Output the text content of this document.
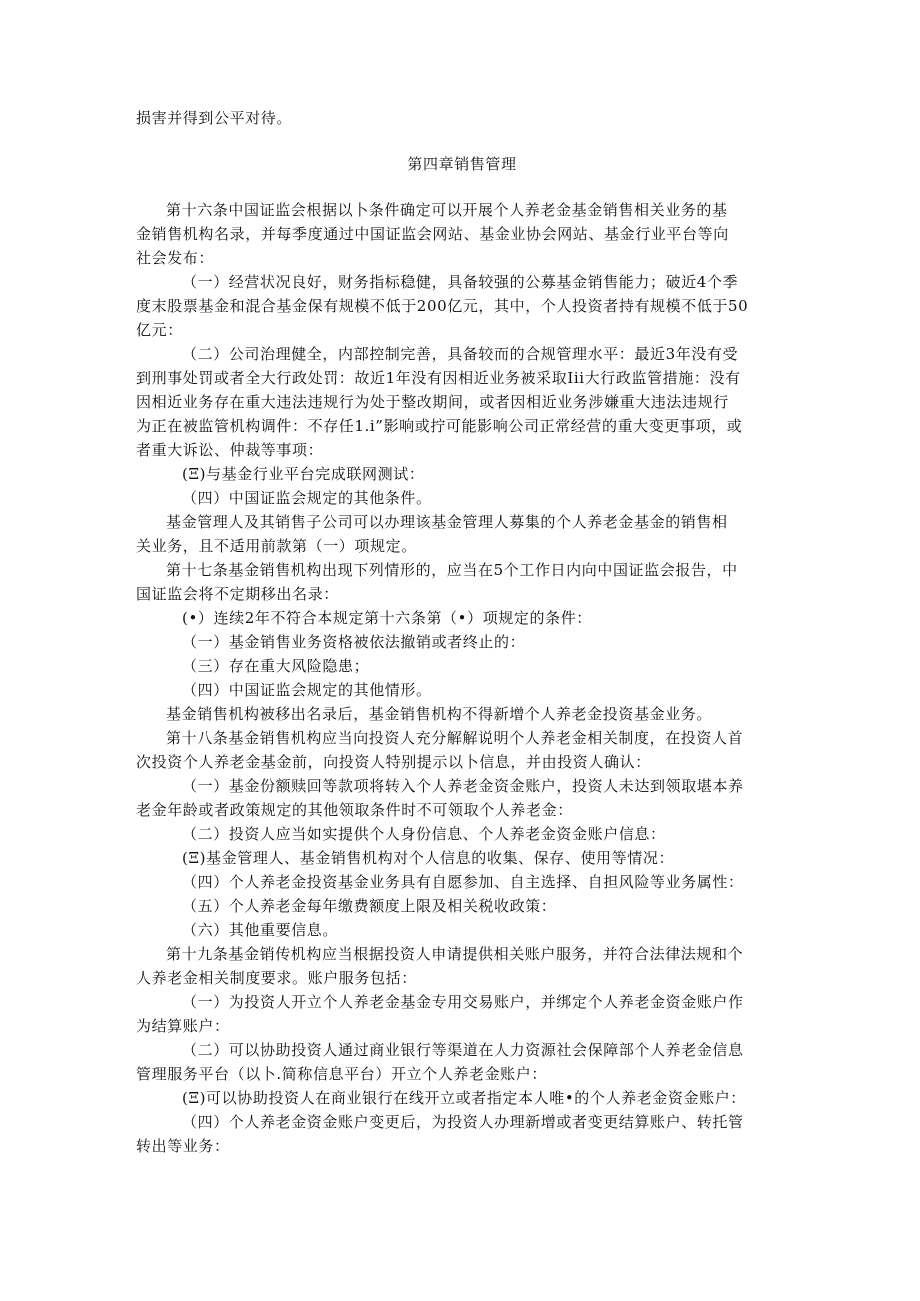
损害并得到公平对待。
第四章销售管理
第十六条中国证监会根据以卜条件确定可以开展个人养老金基金销售相关业务的基
金销售机构名录，并每季度通过中国证监会网站、基金业协会网站、基金行业平台等向
社会发布：
（一）经营状况良好，财务指标稳健，具备较强的公募基金销售能力；破近4个季
度末股票基金和混合基金保有规模不低于200亿元，其中，个人投资者持有规模不低于50
亿元：
（二）公司治理健全，内部控制完善，具备较而的合规管理水平：最近3年没有受
到刑事处罚或者全大行政处罚：故近1年没有因相近业务被采取Iii大行政监管措施：没有
因相近业务存在重大违法违规行为处于整改期间，或者因相近业务涉嫌重大违法违规行
为正在被监管机构调件：不存任1.i”影响或拧可能影响公司正常经营的重大变更事项，或
者重大诉讼、仲裁等事项：
(Ξ)与基金行业平台完成联网测试：
（四）中国证监会规定的其他条件。
基金管理人及其销售子公司可以办理该基金管理人募集的个人养老金基金的销售相
关业务，且不适用前款第（一）项规定。
第十七条基金销售机构出现下列情形的，应当在5个工作日内向中国证监会报告，中
国证监会将不定期移出名录：
(•）连续2年不符合本规定第十六条第（•）项规定的条件：
（一）基金销售业务资格被依法撤销或者终止的：
（三）存在重大风险隐患；
（四）中国证监会规定的其他情形。
基金销售机构被移出名录后，基金销售机构不得新增个人养老金投资基金业务。
第十八条基金销售机构应当向投资人充分解解说明个人养老金相关制度，在投资人首
次投资个人养老金基金前，向投资人特别提示以卜信息，并由投资人确认：
（一）基金份额赎回等款项将转入个人养老金资金账户，投资人未达到领取堪本养
老金年龄或者政策规定的其他领取条件时不可领取个人养老金：
（二）投资人应当如实提供个人身份信息、个人养老金资金账户信息：
(Ξ)基金管理人、基金销售机构对个人信息的收集、保存、使用等情况：
（四）个人养老金投资基金业务具有自愿参加、自主选择、自担风险等业务属性：
（五）个人养老金每年缴费额度上限及相关税收政策：
（六）其他重要信息。
第十九条基金销传机构应当根据投资人申请提供相关账户服务，并符合法律法规和个
人养老金相关制度要求。账户服务包括：
（一）为投资人开立个人养老金基金专用交易账户，并绑定个人养老金资金账户作
为结算账户：
（二）可以协助投资人通过商业银行等渠道在人力资源社会保障部个人养老金信息
管理服务平台（以卜.简称信息平台）开立个人养老金账户：
(Ξ)可以协助投资人在商业银行在线开立或者指定本人唯•的个人养老金资金账户：
（四）个人养老金资金账户变更后，为投资人办理新增或者变更结算账户、转托管
转出等业务：
